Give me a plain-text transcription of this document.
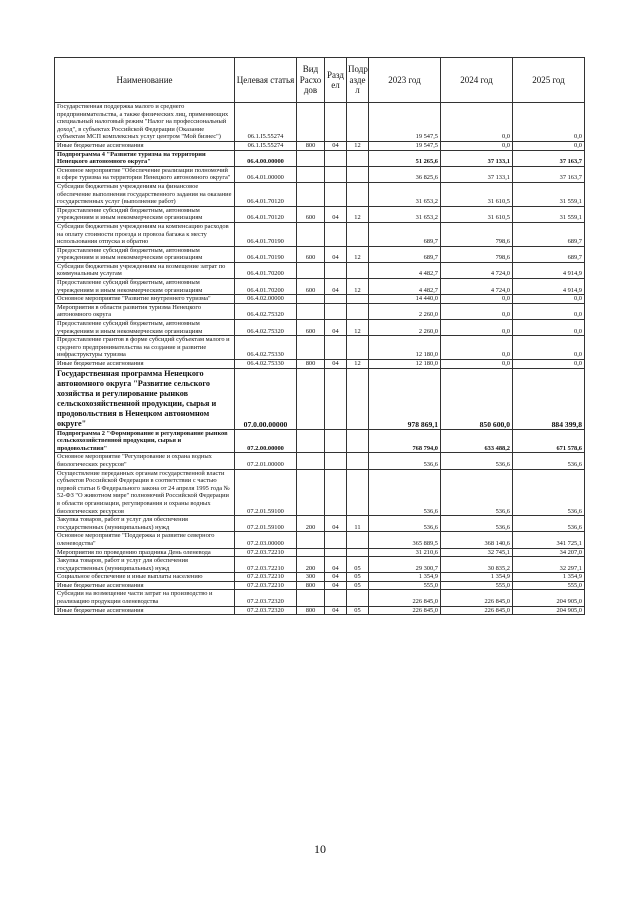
Наименование	Целевая статья	Вид Расхо дов	Разд ел	Подр азде л	2023 год	2024 год	2025 год
Государственная поддержка малого и среднего предпринимательства, а также физических лиц, применяющих специальный налоговый режим "Налог на профессиональный доход", в субъектах Российской Федерации (Оказание субъектам МСП комплексных услуг центром "Мой бизнес")	06.1.I5.55274				19 547,5	0,0	0,0
Иные бюджетные ассигнования	06.1.I5.55274	800	04	12	19 547,5	0,0	0,0
Подпрограмма 4 "Развитие туризма на территории Ненецкого автономного округа"	06.4.00.00000				51 265,6	37 133,1	37 163,7
Основное мероприятие "Обеспечение реализации полномочий в сфере туризма на территории Ненецкого автономного округа"	06.4.01.00000				36 825,6	37 133,1	37 163,7
Субсидии бюджетным учреждениям на финансовое обеспечение выполнения государственного задания на оказание государственных услуг (выполнение работ)	06.4.01.70120				31 653,2	31 610,5	31 559,1
Предоставление субсидий бюджетным, автономным учреждениям и иным некоммерческим организациям	06.4.01.70120	600	04	12	31 653,2	31 610,5	31 559,1
Субсидии бюджетным учреждениям на компенсацию расходов на оплату стоимости проезда и провоза багажа к месту использования отпуска и обратно	06.4.01.70190				689,7	798,6	689,7
Предоставление субсидий бюджетным, автономным учреждениям и иным некоммерческим организациям	06.4.01.70190	600	04	12	689,7	798,6	689,7
Субсидии бюджетным учреждениям на возмещение затрат по коммунальным услугам	06.4.01.70200				4 482,7	4 724,0	4 914,9
Предоставление субсидий бюджетным, автономным учреждениям и иным некоммерческим организациям	06.4.01.70200	600	04	12	4 482,7	4 724,0	4 914,9
Основное мероприятие "Развитие внутреннего туризма"	06.4.02.00000				14 440,0	0,0	0,0
Мероприятия в области развития туризма Ненецкого автономного округа	06.4.02.75320				2 260,0	0,0	0,0
Предоставление субсидий бюджетным, автономным учреждениям и иным некоммерческим организациям	06.4.02.75320	600	04	12	2 260,0	0,0	0,0
Предоставление грантов в форме субсидий субъектам малого и среднего предпринимательства на создание и развитие инфраструктуры туризма	06.4.02.75330				12 180,0	0,0	0,0
Иные бюджетные ассигнования	06.4.02.75330	800	04	12	12 180,0	0,0	0,0
Государственная программа Ненецкого автономного округа "Развитие сельского хозяйства и регулирование рынков сельскохозяйственной продукции, сырья и продовольствия в Ненецком автономном округе"	07.0.00.00000				978 869,1	850 600,0	884 399,8
Подпрограмма 2 "Формирование и регулирование рынков сельскохозяйственной продукции, сырья и продовольствия"	07.2.00.00000				768 794,0	633 488,2	671 578,6
Основное мероприятие "Регулирование и охрана водных биологических ресурсов"	07.2.01.00000				536,6	536,6	536,6
Осуществление переданных органам государственной власти субъектов Российской Федерации в соответствии с частью первой статьи 6 Федерального закона от 24 апреля 1995 года № 52-ФЗ "О животном мире" полномочий Российской Федерации в области организации, регулирования и охраны водных биологических ресурсов	07.2.01.59100				536,6	536,6	536,6
Закупка товаров, работ и услуг для обеспечения государственных (муниципальных) нужд	07.2.01.59100	200	04	11	536,6	536,6	536,6
Основное мероприятие "Поддержка и развитие северного оленеводства"	07.2.03.00000				365 889,5	368 140,6	341 725,1
Мероприятия по проведению праздника День оленевода	07.2.03.72210				31 210,6	32 745,1	34 207,0
Закупка товаров, работ и услуг для обеспечения государственных (муниципальных) нужд	07.2.03.72210	200	04	05	29 300,7	30 835,2	32 297,1
Социальное обеспечение и иные выплаты населению	07.2.03.72210	300	04	05	1 354,9	1 354,9	1 354,9
Иные бюджетные ассигнования	07.2.03.72210	800	04	05	555,0	555,0	555,0
Субсидии на возмещение части затрат на производство и реализацию продукции оленеводства	07.2.03.72320				226 845,0	226 845,0	204 905,0
Иные бюджетные ассигнования	07.2.03.72320	800	04	05	226 845,0	226 845,0	204 905,0
10
